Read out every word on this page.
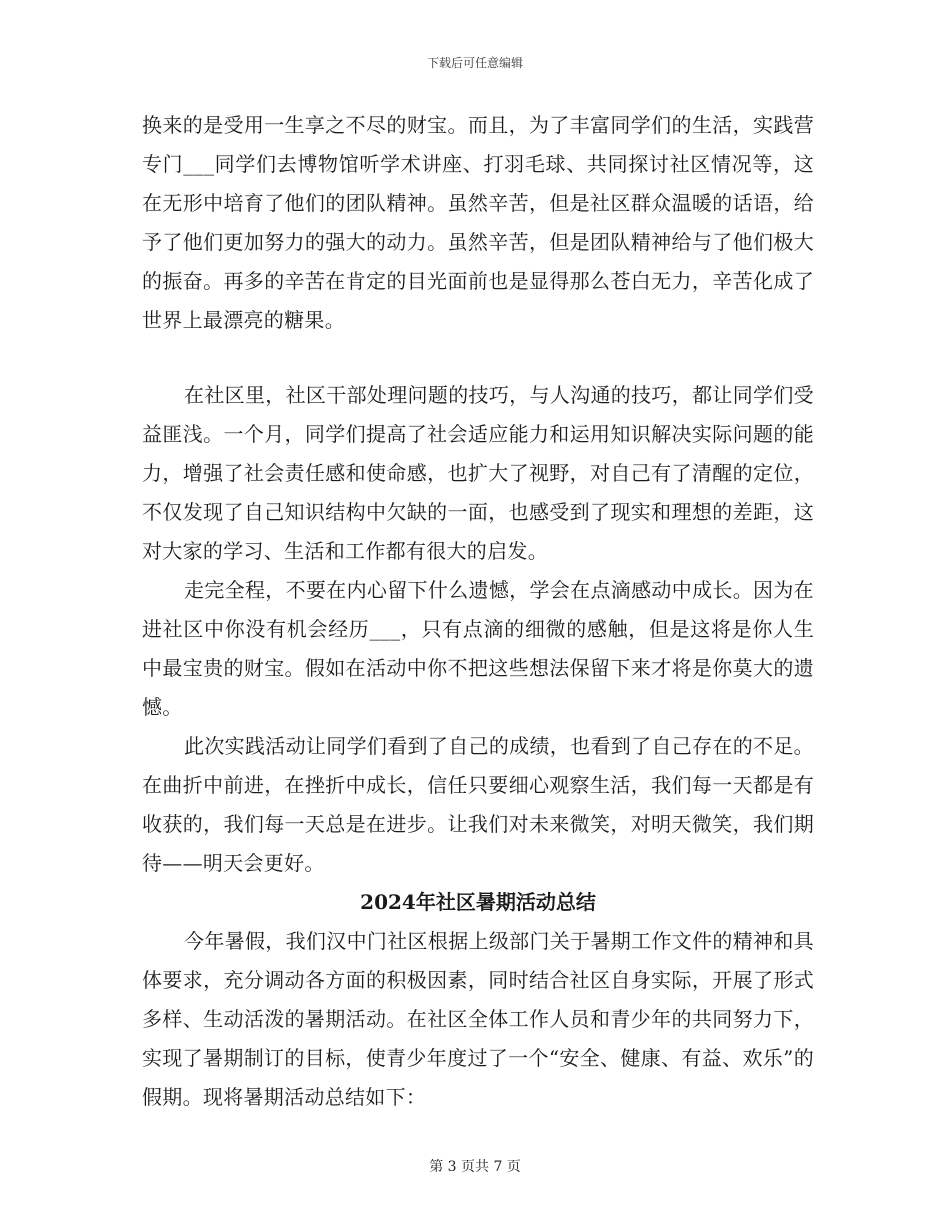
下载后可任意编辑

换来的是受用一生享之不尽的财宝。而且，为了丰富同学们的生活，实践营专门___同学们去博物馆听学术讲座、打羽毛球、共同探讨社区情况等，这在无形中培育了他们的团队精神。虽然辛苦，但是社区群众温暖的话语，给予了他们更加努力的强大的动力。虽然辛苦，但是团队精神给与了他们极大的振奋。再多的辛苦在肯定的目光面前也是显得那么苍白无力，辛苦化成了世界上最漂亮的糖果。

在社区里，社区干部处理问题的技巧，与人沟通的技巧，都让同学们受益匪浅。一个月，同学们提高了社会适应能力和运用知识解决实际问题的能力，增强了社会责任感和使命感，也扩大了视野，对自己有了清醒的定位，不仅发现了自己知识结构中欠缺的一面，也感受到了现实和理想的差距，这对大家的学习、生活和工作都有很大的启发。

走完全程，不要在内心留下什么遗憾，学会在点滴感动中成长。因为在进社区中你没有机会经历___，只有点滴的细微的感触，但是这将是你人生中最宝贵的财宝。假如在活动中你不把这些想法保留下来才将是你莫大的遗憾。

此次实践活动让同学们看到了自己的成绩，也看到了自己存在的不足。在曲折中前进，在挫折中成长，信任只要细心观察生活，我们每一天都是有收获的，我们每一天总是在进步。让我们对未来微笑，对明天微笑，我们期待——明天会更好。

2024年社区暑期活动总结

今年暑假，我们汉中门社区根据上级部门关于暑期工作文件的精神和具体要求，充分调动各方面的积极因素，同时结合社区自身实际，开展了形式多样、生动活泼的暑期活动。在社区全体工作人员和青少年的共同努力下，实现了暑期制订的目标，使青少年度过了一个“安全、健康、有益、欢乐”的假期。现将暑期活动总结如下：

第 3 页共 7 页
